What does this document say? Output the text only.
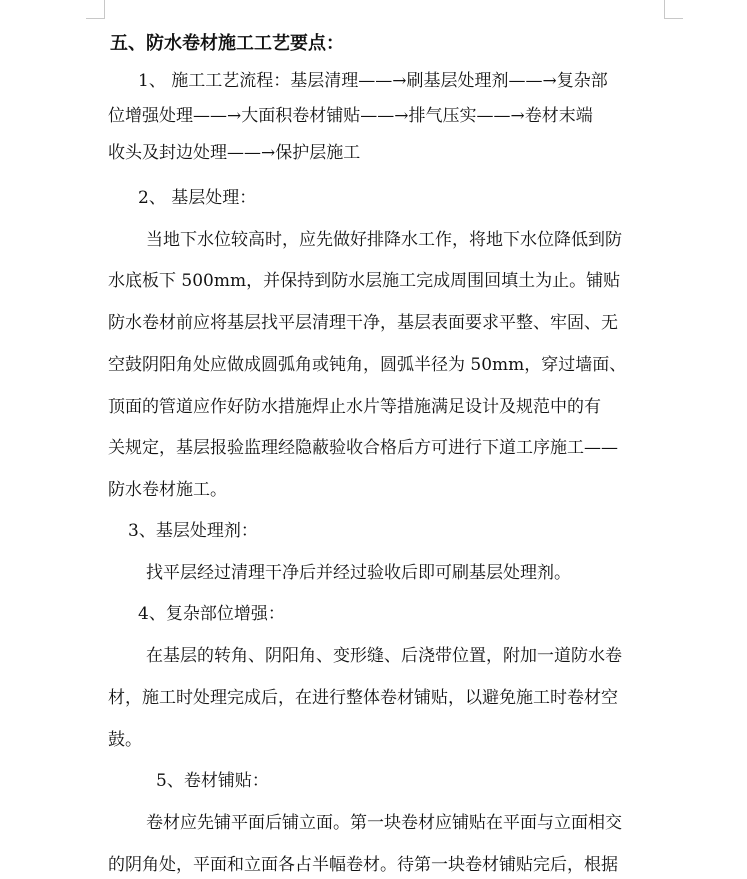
五、防水卷材施工工艺要点：
1、 施工工艺流程：基层清理——→刷基层处理剂——→复杂部
位增强处理——→大面积卷材铺贴——→排气压实——→卷材末端
收头及封边处理——→保护层施工
2、 基层处理：
当地下水位较高时，应先做好排降水工作，将地下水位降低到防
水底板下 500mm，并保持到防水层施工完成周围回填土为止。铺贴
防水卷材前应将基层找平层清理干净，基层表面要求平整、牢固、无
空鼓阴阳角处应做成圆弧角或钝角，圆弧半径为 50mm，穿过墙面、
顶面的管道应作好防水措施焊止水片等措施满足设计及规范中的有
关规定，基层报验监理经隐蔽验收合格后方可进行下道工序施工——
防水卷材施工。
3、基层处理剂：
找平层经过清理干净后并经过验收后即可刷基层处理剂。
4、复杂部位增强：
在基层的转角、阴阳角、变形缝、后浇带位置，附加一道防水卷
材，施工时处理完成后，在进行整体卷材铺贴，以避免施工时卷材空
鼓。
5、卷材铺贴：
卷材应先铺平面后铺立面。第一块卷材应铺贴在平面与立面相交
的阴角处，平面和立面各占半幅卷材。待第一块卷材铺贴完后，根据
